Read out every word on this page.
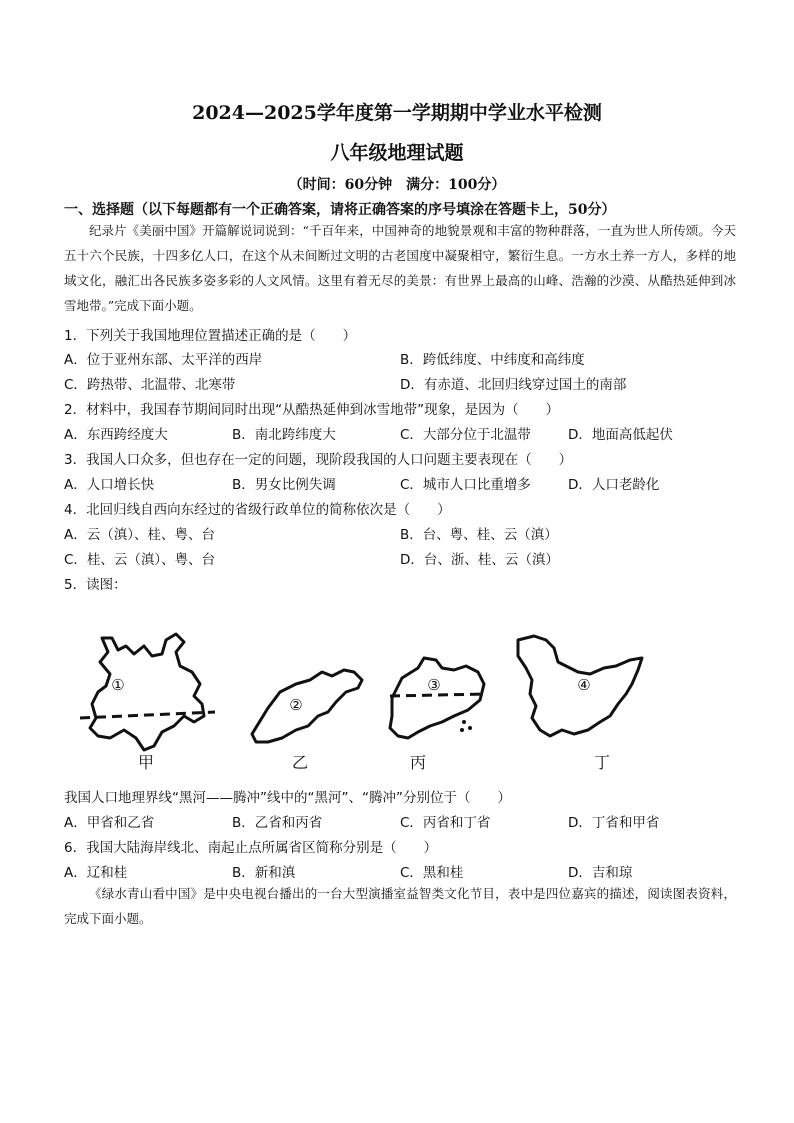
2024—2025学年度第一学期期中学业水平检测
八年级地理试题
（时间：60分钟　满分：100分）
一、选择题（以下每题都有一个正确答案，请将正确答案的序号填涂在答题卡上，50分）
纪录片《美丽中国》开篇解说词说到：“千百年来，中国神奇的地貌景观和丰富的物种群落，一直为世人所传颂。今天五十六个民族，十四多亿人口，在这个从未间断过文明的古老国度中凝聚相守，繁衍生息。一方水土养一方人，多样的地域文化，融汇出各民族多姿多彩的人文风情。这里有着无尽的美景：有世界上最高的山峰、浩瀚的沙漠、从酷热延伸到冰雪地带。”完成下面小题。
1．下列关于我国地理位置描述正确的是（　　）
A．位于亚州东部、太平洋的西岸	B．跨低纬度、中纬度和高纬度
C．跨热带、北温带、北寒带	D．有赤道、北回归线穿过国土的南部
2．材料中，我国春节期间同时出现“从酷热延伸到冰雪地带”现象，是因为（　　）
A．东西跨经度大	B．南北跨纬度大	C．大部分位于北温带	D．地面高低起伏
3．我国人口众多，但也存在一定的问题，现阶段我国的人口问题主要表现在（　　）
A．人口增长快	B．男女比例失调	C．城市人口比重增多	D．人口老龄化
4．北回归线自西向东经过的省级行政单位的简称依次是（　　）
A．云（滇）、桂、粤、台	B．台、粤、桂、云（滇）
C．桂、云（滇）、粤、台	D．台、浙、桂、云（滇）
5．读图：
①
②
③	④
甲	乙	丙	丁
我国人口地理界线“黑河——腾冲”线中的“黑河”、“腾冲”分别位于（　　）
A．甲省和乙省	B．乙省和丙省	C．丙省和丁省	D．丁省和甲省
6．我国大陆海岸线北、南起止点所属省区简称分别是（　　）
A．辽和桂	B．新和滇	C．黑和桂	D．吉和琼
《绿水青山看中国》是中央电视台播出的一台大型演播室益智类文化节目，表中是四位嘉宾的描述，阅读图表资料，完成下面小题。
